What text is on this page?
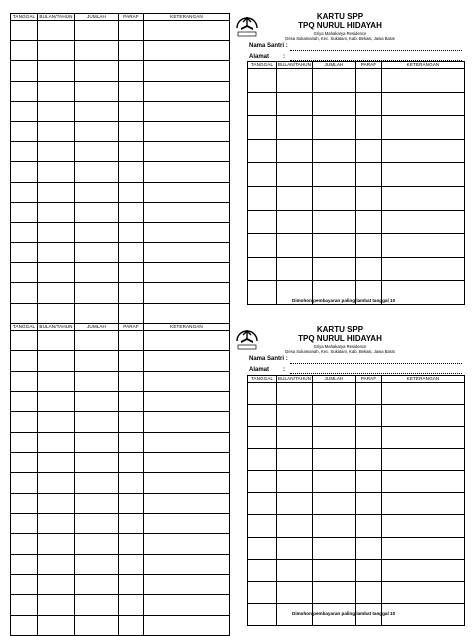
TANGGAL	BULAN/TAHUN	JUMLAH	PARAF	KETERANGAN

					KARTU SPP
TPQ NURUL HIDAYAH
Griya Mahakarya Residence
Desa Sukamanah, Kec. Sukatani, Kab. Bekasi, Jawa Barat
Nama Santri :
Alamat :
TANGGAL	BULAN/TAHUN	JUMLAH	PARAF	KETERANGAN

Dimohon pembayaran paling lambat tanggal 10
TANGGAL	BULAN/TAHUN	JUMLAH	PARAF	KETERANGAN

					KARTU SPP
TPQ NURUL HIDAYAH
Griya Mahakarya Residence
Desa Sukamanah, Kec. Sukatani, Kab. Bekasi, Jawa Barat
Nama Santri :
Alamat :
TANGGAL	BULAN/TAHUN	JUMLAH	PARAF	KETERANGAN

Dimohon pembayaran paling lambat tanggal 10
